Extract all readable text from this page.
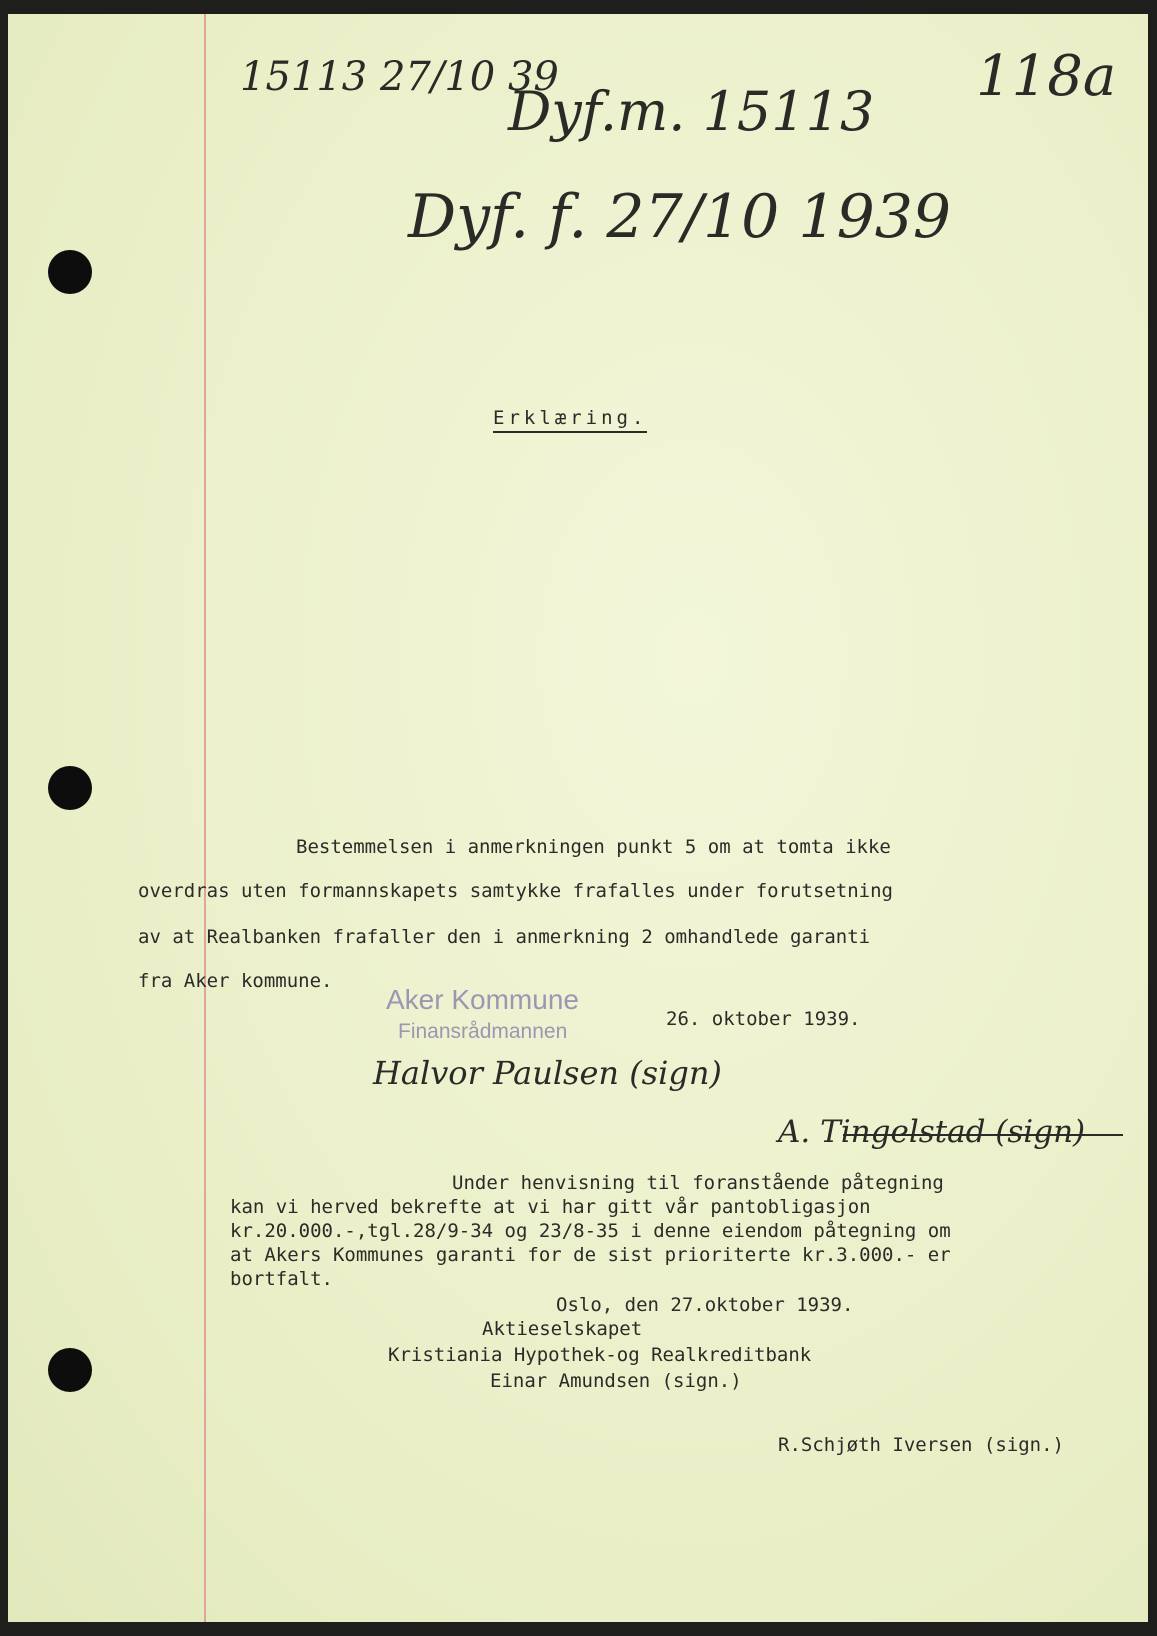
15113 27/10 39
Dyf.m. 15113
Dyf. f. 27/10 1939
118a
Erklæring.
Bestemmelsen i anmerkningen punkt 5 om at tomta ikke
overdras uten formannskapets samtykke frafalles under forutsetning
av at Realbanken frafaller den i anmerkning 2 omhandlede garanti
fra Aker kommune.
Aker Kommune
Finansrådmannen
26. oktober 1939.
Halvor Paulsen (sign)
A. Tingelstad (sign)
Under henvisning til foranstående påtegning
kan vi herved bekrefte at vi har gitt vår pantobligasjon
kr.20.000.-,tgl.28/9-34 og 23/8-35 i denne eiendom påtegning om
at Akers Kommunes garanti for de sist prioriterte kr.3.000.- er
bortfalt.
Oslo, den 27.oktober 1939.
Aktieselskapet
Kristiania Hypothek-og Realkreditbank
Einar Amundsen (sign.)
R.Schjøth Iversen (sign.)
